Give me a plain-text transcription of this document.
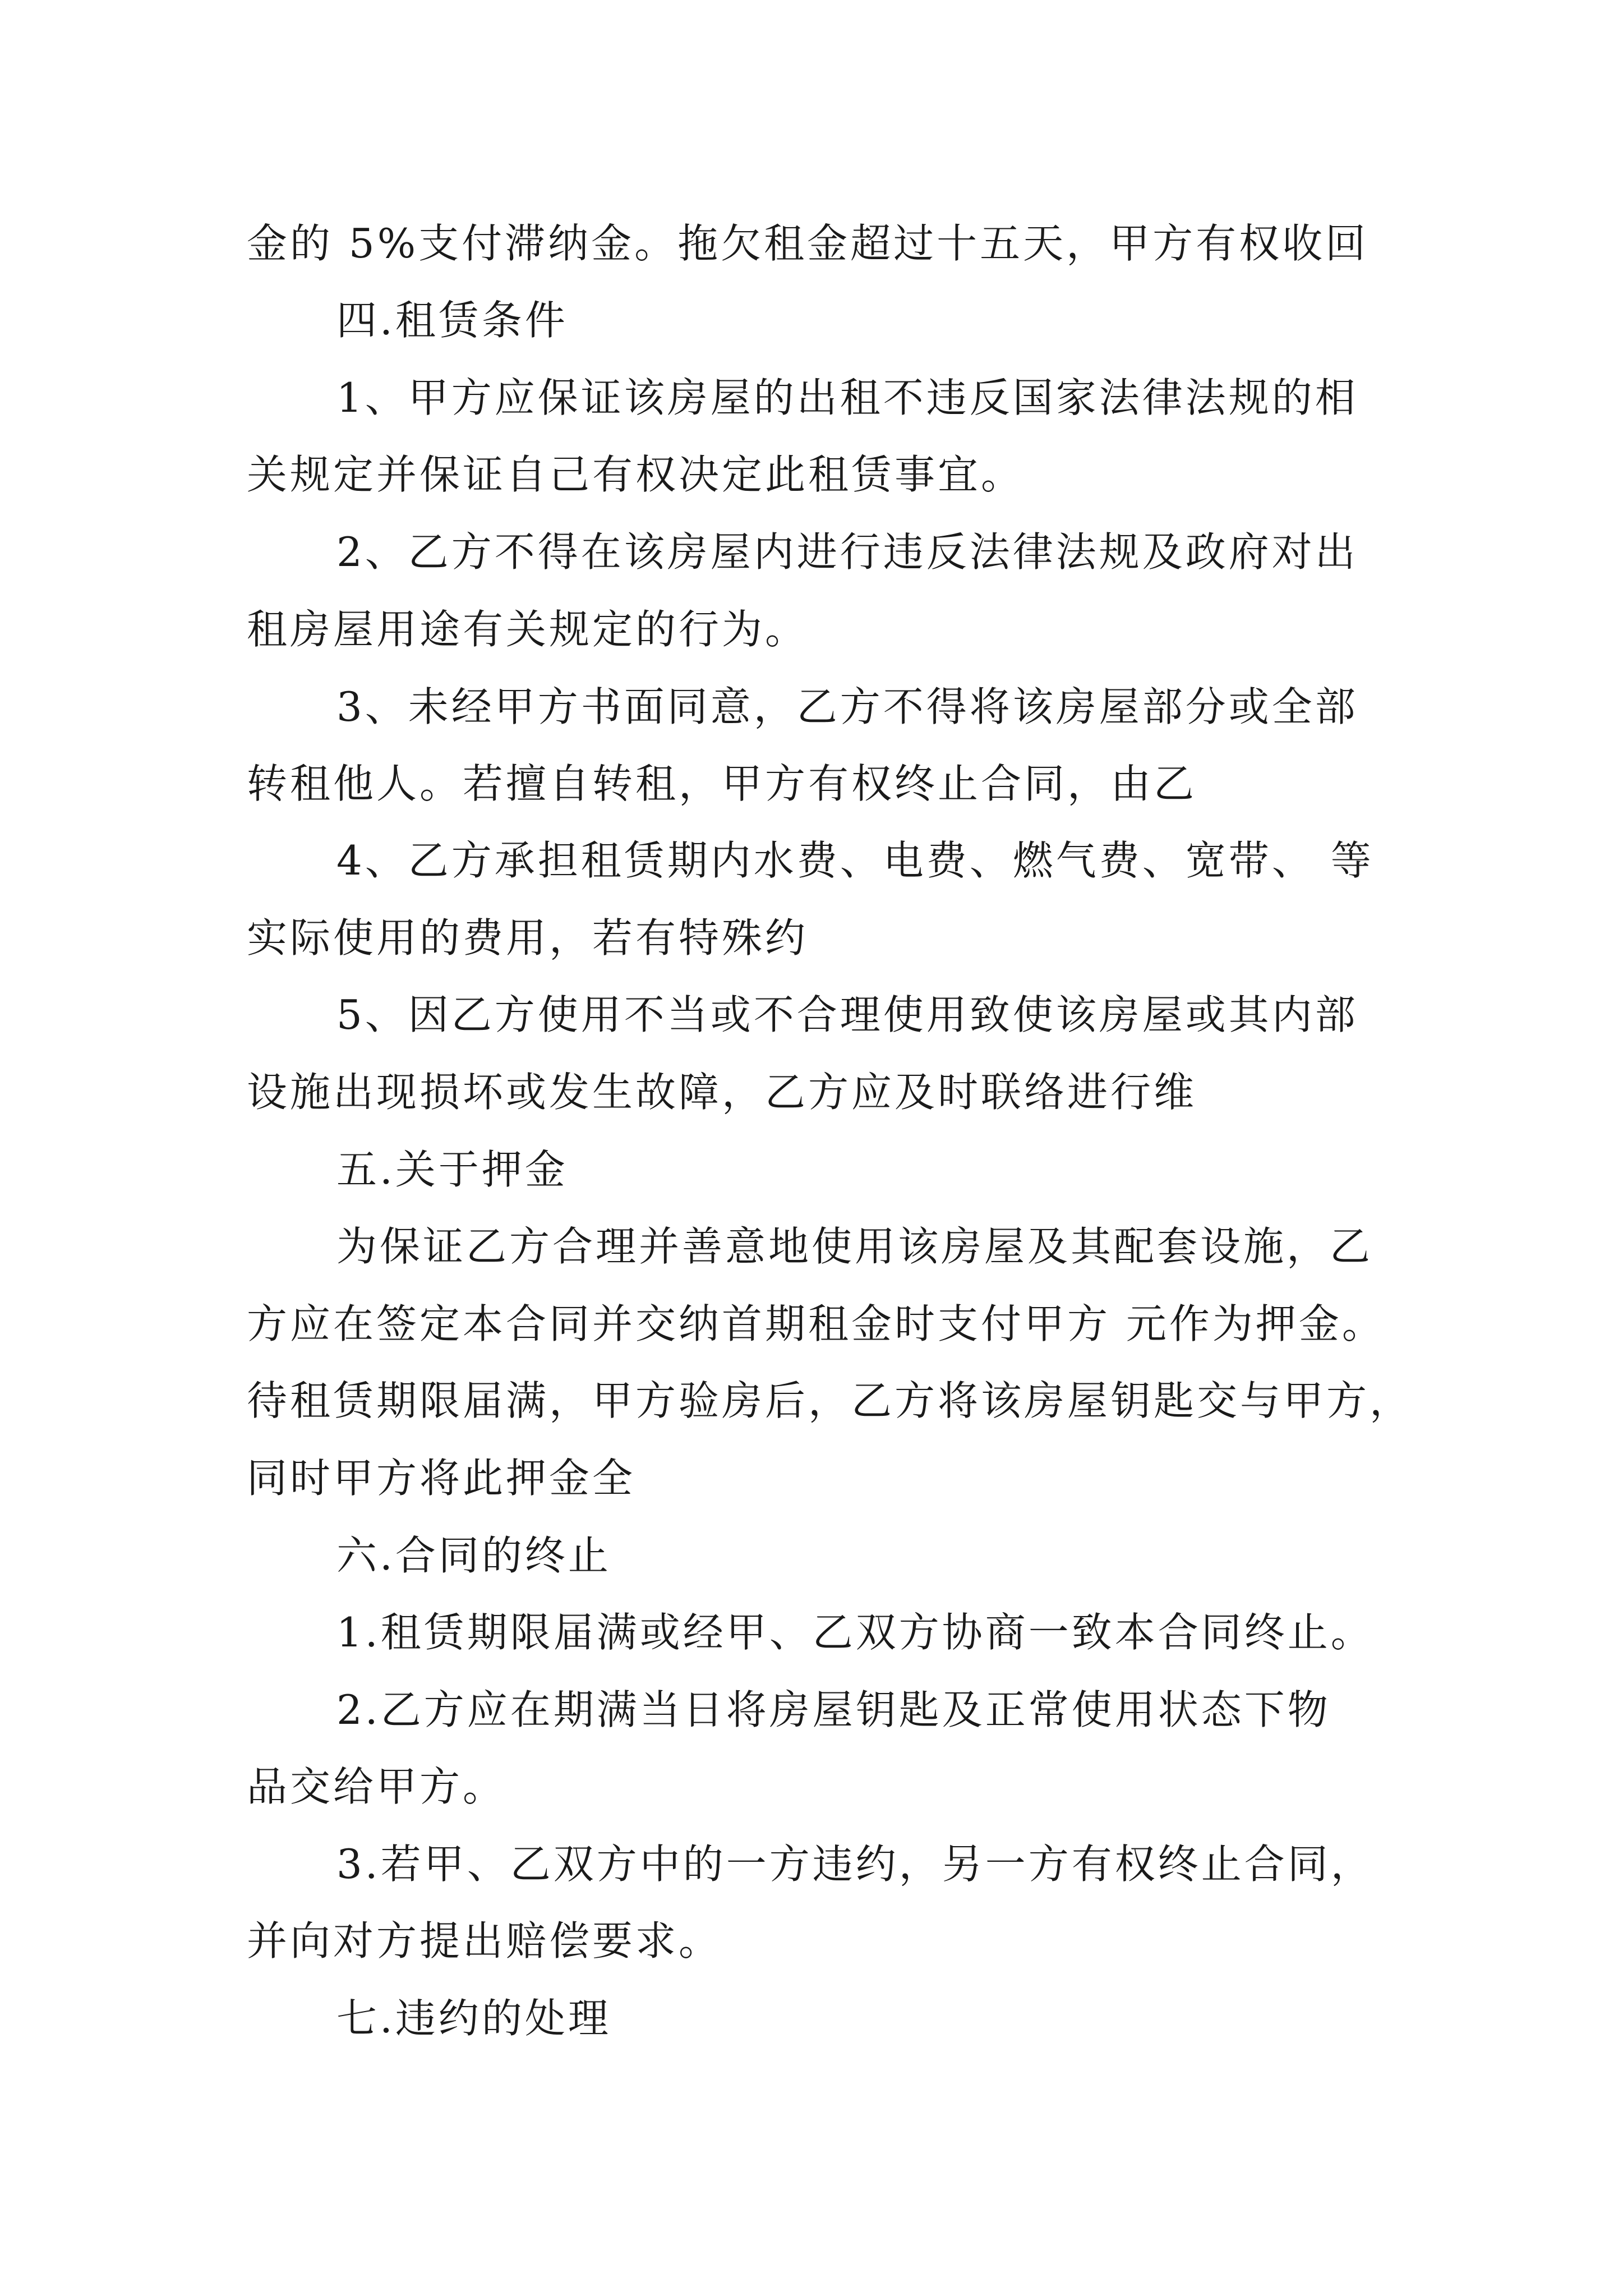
金的 5%支付滞纳金。拖欠租金超过十五天，甲方有权收回
四.租赁条件
1、甲方应保证该房屋的出租不违反国家法律法规的相
关规定并保证自己有权决定此租赁事宜。
2、乙方不得在该房屋内进行违反法律法规及政府对出
租房屋用途有关规定的行为。
3、未经甲方书面同意，乙方不得将该房屋部分或全部
转租他人。若擅自转租，甲方有权终止合同，由乙
4、乙方承担租赁期内水费、电费、燃气费、宽带、 等
实际使用的费用，若有特殊约
5、因乙方使用不当或不合理使用致使该房屋或其内部
设施出现损坏或发生故障，乙方应及时联络进行维
五.关于押金
为保证乙方合理并善意地使用该房屋及其配套设施，乙
方应在签定本合同并交纳首期租金时支付甲方 元作为押金。
待租赁期限届满，甲方验房后，乙方将该房屋钥匙交与甲方，
同时甲方将此押金全
六.合同的终止
1.租赁期限届满或经甲、乙双方协商一致本合同终止。
2.乙方应在期满当日将房屋钥匙及正常使用状态下物
品交给甲方。
3.若甲、乙双方中的一方违约，另一方有权终止合同，
并向对方提出赔偿要求。
七.违约的处理
